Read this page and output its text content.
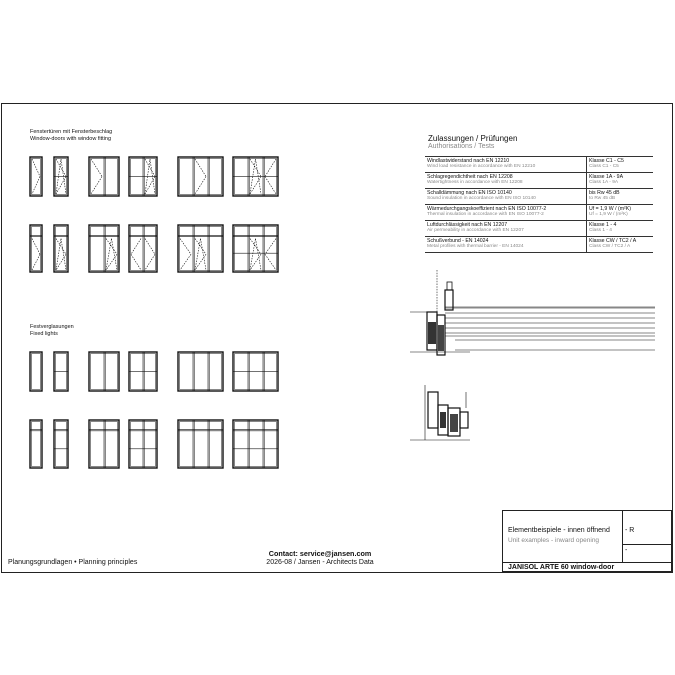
Fenstertüren mit Fensterbeschlag
Window-doors with window fitting
Festverglasungen
Fixed lights
Zulassungen / Prüfungen
Authorisations / Tests
Windlastwiderstand nach EN 12210
Wind load resistance in accordance with EN 12210	Klasse C1 - C5
Class C1 - C5

Schlagregendichtheit nach EN 12208
Watertightness in accordance with EN 12208	Klasse 1A - 9A
Class 1A - 9A

Schalldämmung nach EN ISO 10140
Sound insulation in accordance with EN ISO 10140	bis Rw 45 dB
to Rw 45 dB

Wärmedurchgangskoeffizient nach EN ISO 10077-2
Thermal insulation in accordance with EN ISO 10077-2	Uf = 1,9 W / (m²K)
Uf = 1,9 W / (m²K)

Luftdurchlässigkeit nach EN 12207
Air permeability in accordance with EN 12207	Klasse 1 - 4
Class 1 - 4

Schußverbund - EN 14024
Metal profiles with thermal barrier - EN 14024	Klasse CW / TC2 / A
Class CW / TC2 / A
Planungsgrundlagen • Planning principles
Contact: service@jansen.com
2026-08 / Jansen - Architects Data
Elementbeispiele - innen öffnend
Unit examples - inward opening
- R
-
JANISOL ARTE 60 window-door
